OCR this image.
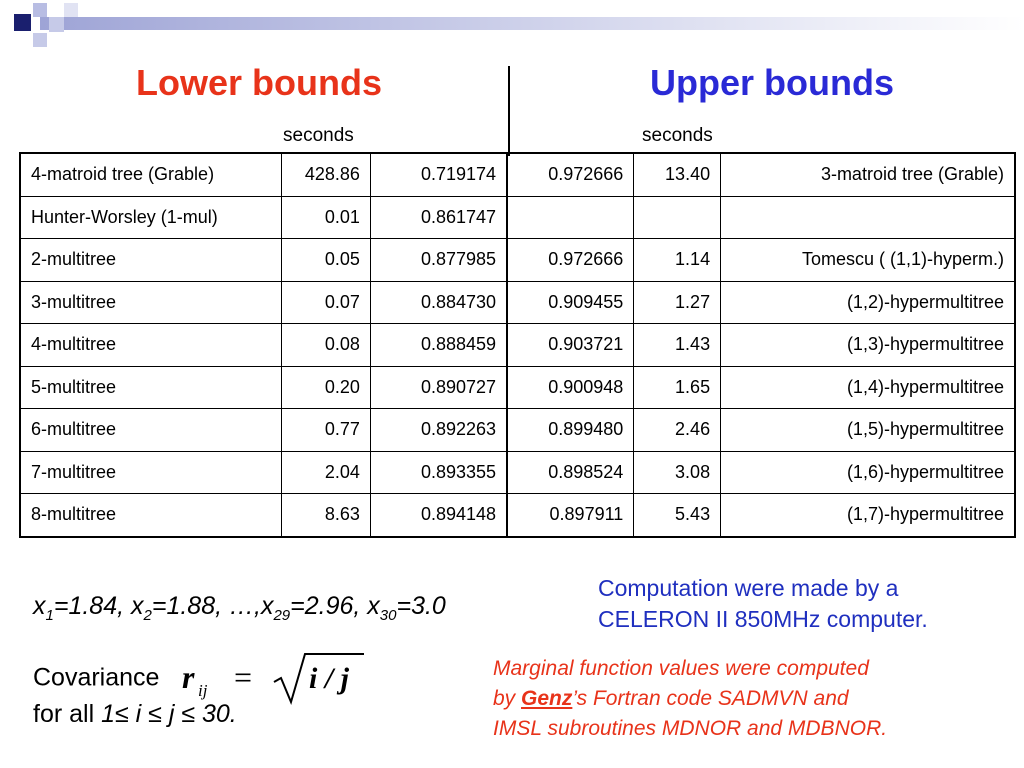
Lower bounds	Upper bounds
seconds	seconds
4-matroid tree (Grable)	428.86	0.719174	0.972666	13.40	3-matroid tree (Grable)
Hunter-Worsley (1-mul)	0.01	0.861747			
2-multitree	0.05	0.877985	0.972666	1.14	Tomescu ( (1,1)-hyperm.)
3-multitree	0.07	0.884730	0.909455	1.27	(1,2)-hypermultitree
4-multitree	0.08	0.888459	0.903721	1.43	(1,3)-hypermultitree
5-multitree	0.20	0.890727	0.900948	1.65	(1,4)-hypermultitree
6-multitree	0.77	0.892263	0.899480	2.46	(1,5)-hypermultitree
7-multitree	2.04	0.893355	0.898524	3.08	(1,6)-hypermultitree
8-multitree	8.63	0.894148	0.897911	5.43	(1,7)-hypermultitree
$x_1=1.84$, $x_2=1.88$, $\dots,x_{29}=2.96$, $x_{30}=3.0$
Covariance r ij = i / j
for all 1≤ i ≤ j ≤ 30.
Computation were made by a
CELERON II 850MHz computer.
Marginal function values were computed
by Genz’s Fortran code SADMVN and
IMSL subroutines MDNOR and MDBNOR.
